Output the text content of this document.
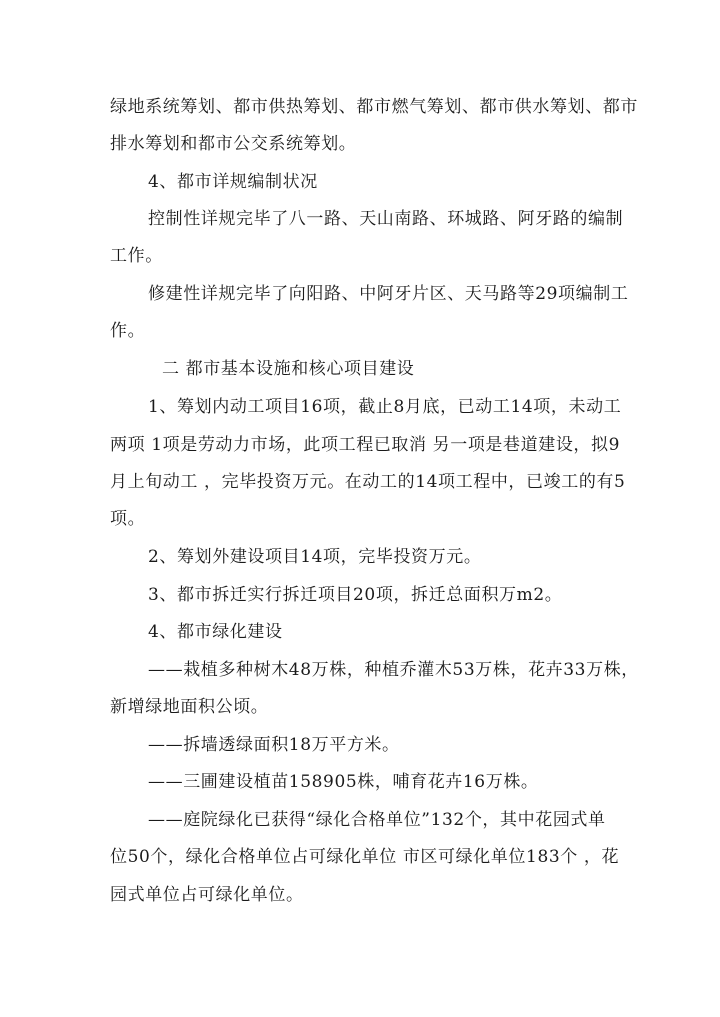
绿地系统筹划、都市供热筹划、都市燃气筹划、都市供水筹划、都市
排水筹划和都市公交系统筹划。
4、都市详规编制状况
控制性详规完毕了八一路、天山南路、环城路、阿牙路的编制
工作。
修建性详规完毕了向阳路、中阿牙片区、天马路等29项编制工
作。
二 都市基本设施和核心项目建设
1、筹划内动工项目16项，截止8月底，已动工14项，未动工
两项 1项是劳动力市场，此项工程已取消 另一项是巷道建设，拟9
月上旬动工 ，完毕投资万元。在动工的14项工程中，已竣工的有5
项。
2、筹划外建设项目14项，完毕投资万元。
3、都市拆迁实行拆迁项目20项，拆迁总面积万m2。
4、都市绿化建设
——栽植多种树木48万株，种植乔灌木53万株，花卉33万株，
新增绿地面积公顷。
——拆墙透绿面积18万平方米。
——三圃建设植苗158905株，哺育花卉16万株。
——庭院绿化已获得“绿化合格单位”132个，其中花园式单
位50个，绿化合格单位占可绿化单位 市区可绿化单位183个 ，花
园式单位占可绿化单位。
